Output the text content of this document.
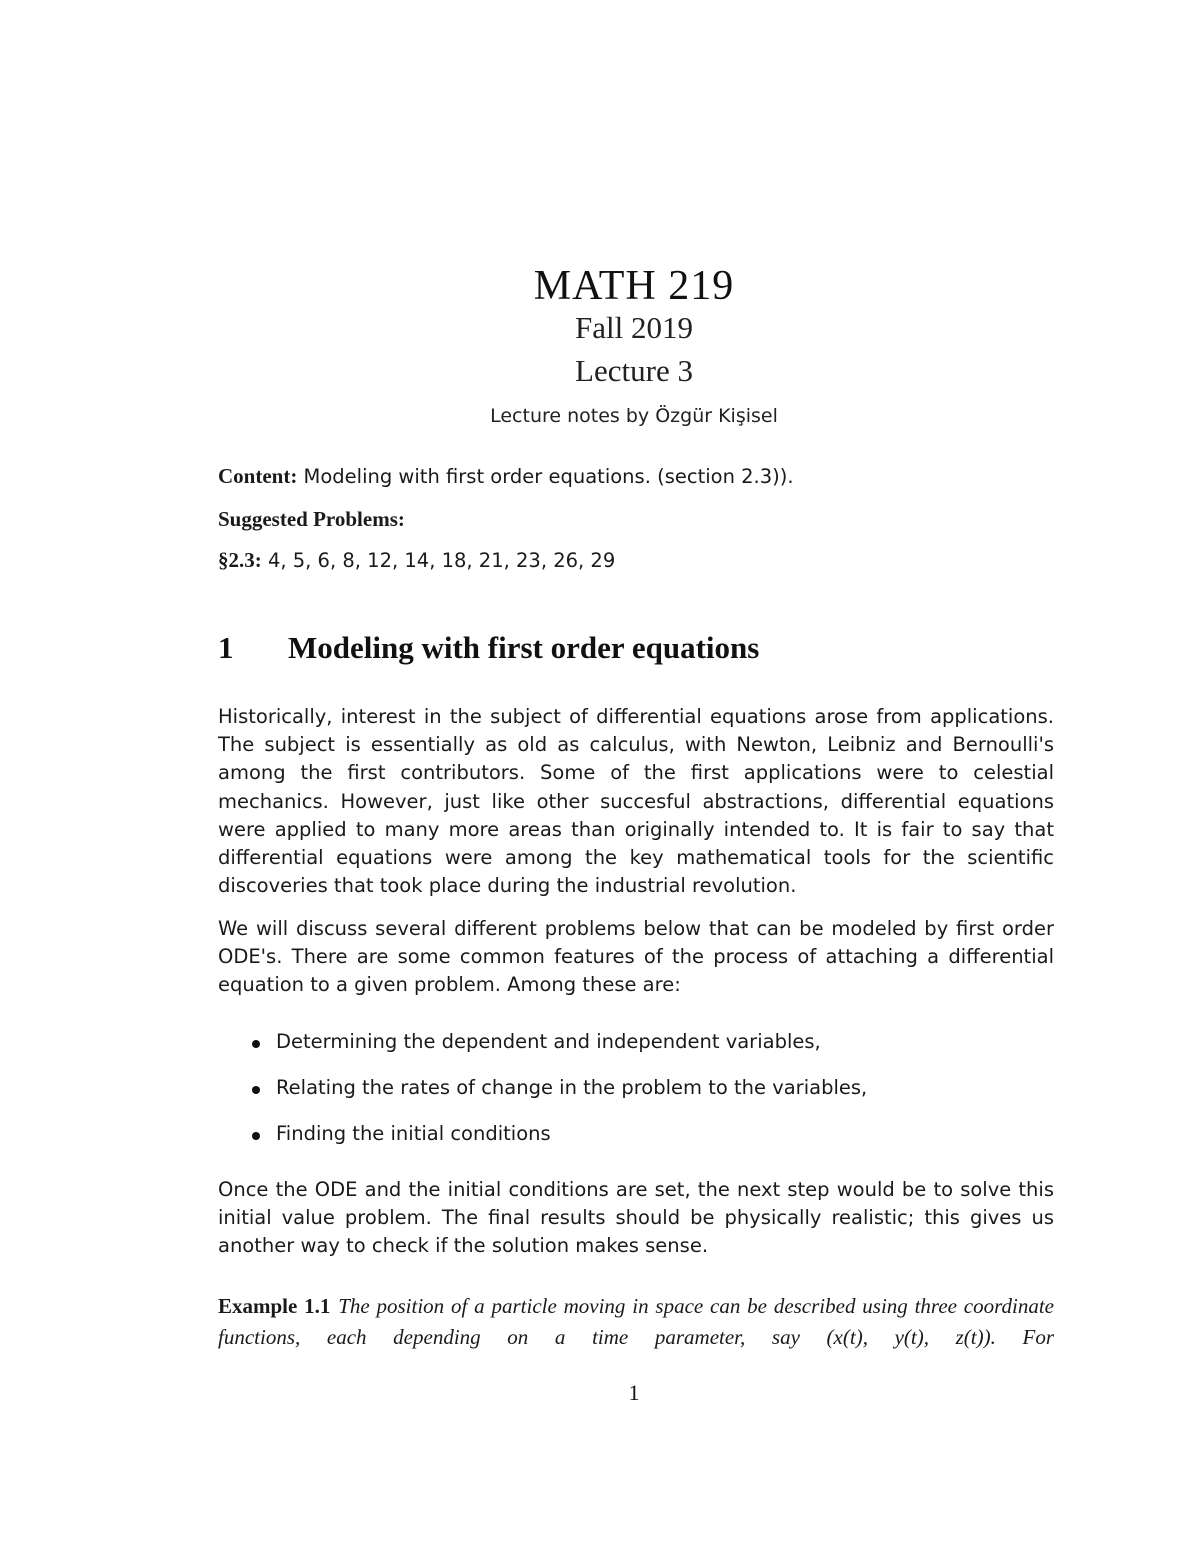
MATH 219
Fall 2019
Lecture 3
Lecture notes by Özgür Kişisel
Content: Modeling with first order equations. (section 2.3)).
Suggested Problems:
§2.3: 4, 5, 6, 8, 12, 14, 18, 21, 23, 26, 29
1 Modeling with first order equations
Historically, interest in the subject of differential equations arose from applications. The subject is essentially as old as calculus, with Newton, Leibniz and Bernoulli's among the first contributors. Some of the first applications were to celestial mechanics. However, just like other succesful abstractions, differential equations were applied to many more areas than originally intended to. It is fair to say that differential equations were among the key mathematical tools for the scientific discoveries that took place during the industrial revolution.
We will discuss several different problems below that can be modeled by first order ODE's. There are some common features of the process of attaching a differential equation to a given problem. Among these are:
Determining the dependent and independent variables,
Relating the rates of change in the problem to the variables,
Finding the initial conditions
Once the ODE and the initial conditions are set, the next step would be to solve this initial value problem. The final results should be physically realistic; this gives us another way to check if the solution makes sense.
Example 1.1 The position of a particle moving in space can be described using three coordinate functions, each depending on a time parameter, say (x(t), y(t), z(t)). For
1
